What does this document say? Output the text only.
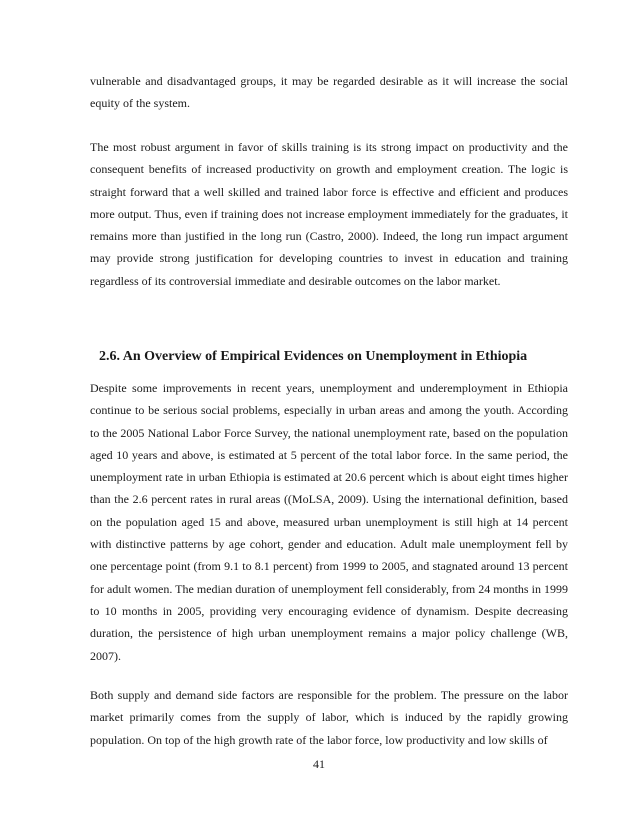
vulnerable and disadvantaged groups, it may be regarded desirable as it will increase the social equity of the system.

The most robust argument in favor of skills training is its strong impact on productivity and the consequent benefits of increased productivity on growth and employment creation. The logic is straight forward that a well skilled and trained labor force is effective and efficient and produces more output. Thus, even if training does not increase employment immediately for the graduates, it remains more than justified in the long run (Castro, 2000). Indeed, the long run impact argument may provide strong justification for developing countries to invest in education and training regardless of its controversial immediate and desirable outcomes on the labor market.

2.6. An Overview of Empirical Evidences on Unemployment in Ethiopia

Despite some improvements in recent years, unemployment and underemployment in Ethiopia continue to be serious social problems, especially in urban areas and among the youth. According to the 2005 National Labor Force Survey, the national unemployment rate, based on the population aged 10 years and above, is estimated at 5 percent of the total labor force. In the same period, the unemployment rate in urban Ethiopia is estimated at 20.6 percent which is about eight times higher than the 2.6 percent rates in rural areas ((MoLSA, 2009). Using the international definition, based on the population aged 15 and above, measured urban unemployment is still high at 14 percent with distinctive patterns by age cohort, gender and education. Adult male unemployment fell by one percentage point (from 9.1 to 8.1 percent) from 1999 to 2005, and stagnated around 13 percent for adult women. The median duration of unemployment fell considerably, from 24 months in 1999 to 10 months in 2005, providing very encouraging evidence of dynamism. Despite decreasing duration, the persistence of high urban unemployment remains a major policy challenge (WB, 2007).

Both supply and demand side factors are responsible for the problem. The pressure on the labor market primarily comes from the supply of labor, which is induced by the rapidly growing population. On top of the high growth rate of the labor force, low productivity and low skills of

41
